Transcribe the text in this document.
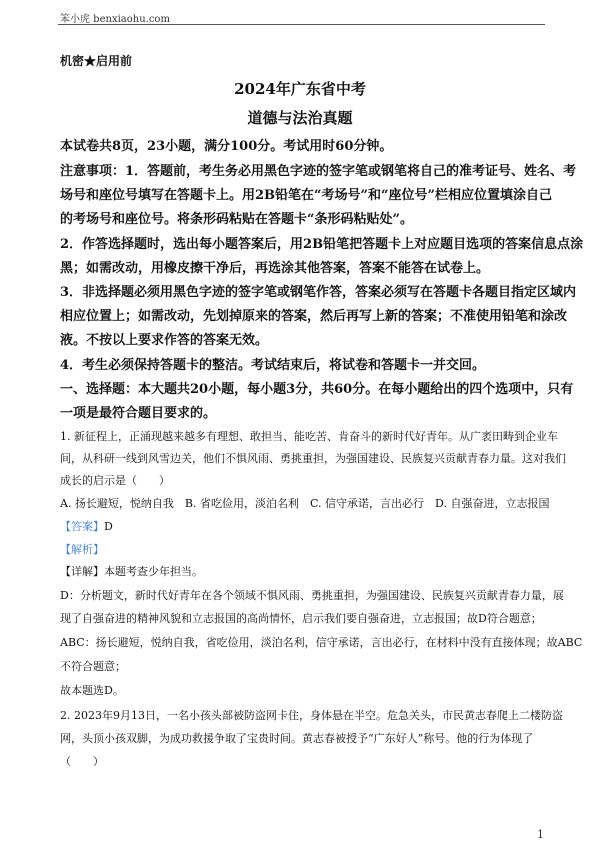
笨小虎 benxiaohu.com
机密★启用前
2024年广东省中考
道德与法治真题
本试卷共8页，23小题，满分100分。考试用时60分钟。
注意事项：1．答题前，考生务必用黑色字迹的签字笔或钢笔将自己的准考证号、姓名、考
场号和座位号填写在答题卡上。用2B铅笔在“考场号”和“座位号”栏相应位置填涂自己
的考场号和座位号。将条形码粘贴在答题卡“条形码粘贴处”。
2．作答选择题时，选出每小题答案后，用2B铅笔把答题卡上对应题目选项的答案信息点涂
黑；如需改动，用橡皮擦干净后，再选涂其他答案，答案不能答在试卷上。
3．非选择题必须用黑色字迹的签字笔或钢笔作答，答案必须写在答题卡各题目指定区域内
相应位置上；如需改动，先划掉原来的答案，然后再写上新的答案；不准使用铅笔和涂改
液。不按以上要求作答的答案无效。
4．考生必须保持答题卡的整洁。考试结束后，将试卷和答题卡一并交回。
一、选择题：本大题共20小题，每小题3分，共60分。在每小题给出的四个选项中，只有
一项是最符合题目要求的。
1. 新征程上，正涌现越来越多有理想、敢担当、能吃苦、肯奋斗的新时代好青年。从广袤田畴到企业车
间，从科研一线到风雪边关，他们不惧风雨、勇挑重担，为强国建设、民族复兴贡献青春力量。这对我们
成长的启示是（　　）
A. 扬长避短，悦纳自我　B. 省吃俭用，淡泊名利　C. 信守承诺，言出必行　D. 自强奋进，立志报国
【答案】D
【解析】
【详解】本题考查少年担当。
D：分析题文，新时代好青年在各个领域不惧风雨、勇挑重担，为强国建设、民族复兴贡献青春力量，展
现了自强奋进的精神风貌和立志报国的高尚情怀，启示我们要自强奋进，立志报国；故D符合题意；
ABC：扬长避短，悦纳自我，省吃俭用，淡泊名利，信守承诺，言出必行，在材料中没有直接体现；故ABC
不符合题意；
故本题选D。
2. 2023年9月13日，一名小孩头部被防盗网卡住，身体悬在半空。危急关头，市民黄志春爬上二楼防盗
网，头顶小孩双脚，为成功救援争取了宝贵时间。黄志春被授予“广东好人”称号。他的行为体现了
（　　）
1
